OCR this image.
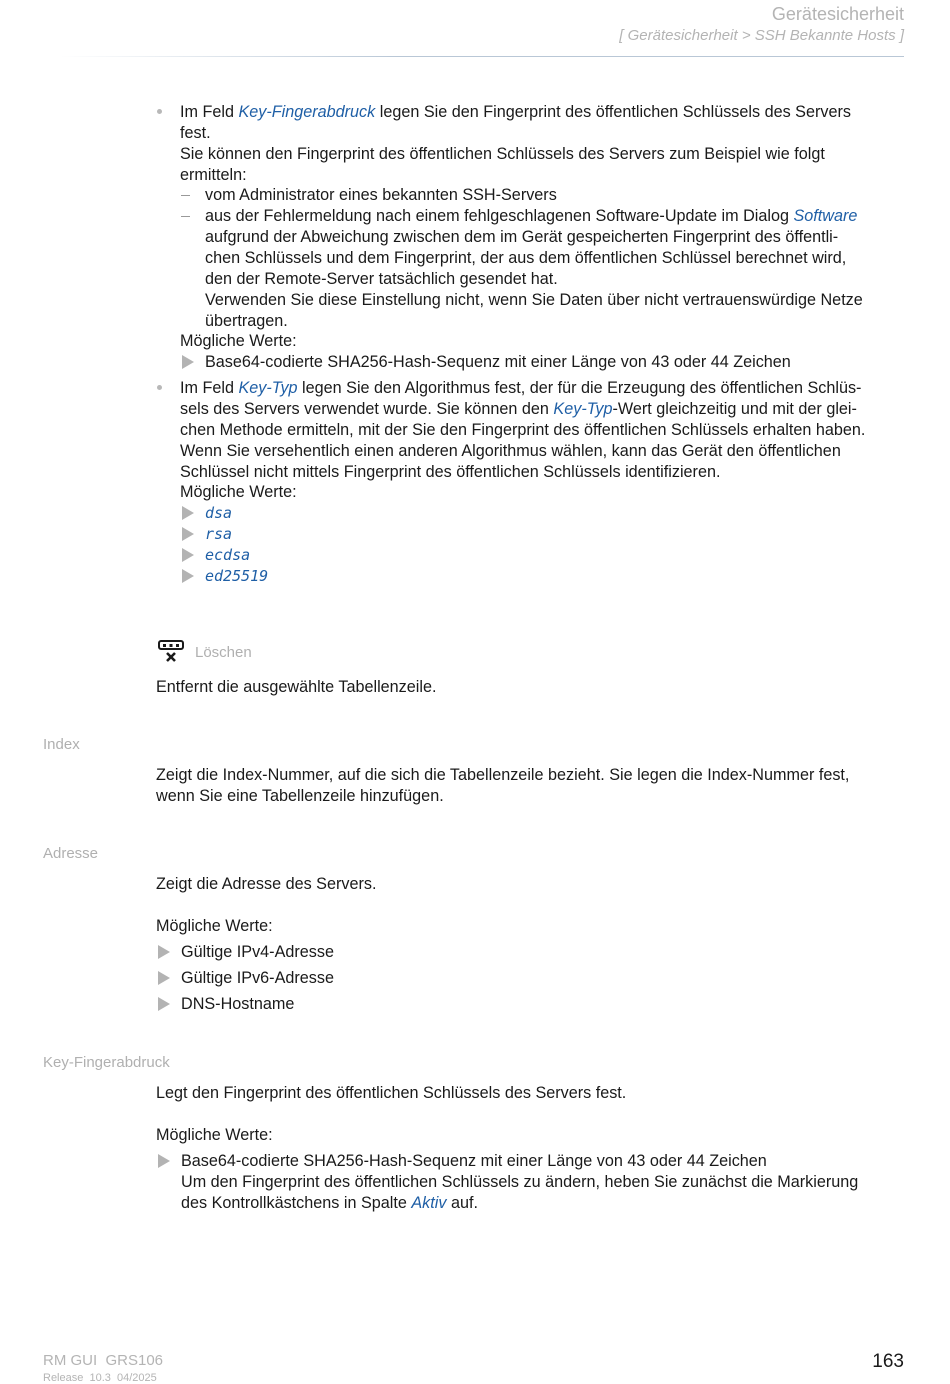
Gerätesicherheit
[ Gerätesicherheit > SSH Bekannte Hosts ]
Im Feld Key-Fingerabdruck legen Sie den Fingerprint des öffentlichen Schlüssels des Servers
fest.
Sie können den Fingerprint des öffentlichen Schlüssels des Servers zum Beispiel wie folgt
ermitteln:
vom Administrator eines bekannten SSH-Servers
aus der Fehlermeldung nach einem fehlgeschlagenen Software-Update im Dialog Software
aufgrund der Abweichung zwischen dem im Gerät gespeicherten Fingerprint des öffentli-
chen Schlüssels und dem Fingerprint, der aus dem öffentlichen Schlüssel berechnet wird,
den der Remote-Server tatsächlich gesendet hat.
Verwenden Sie diese Einstellung nicht, wenn Sie Daten über nicht vertrauenswürdige Netze
übertragen.
Mögliche Werte:
Base64-codierte SHA256-Hash-Sequenz mit einer Länge von 43 oder 44 Zeichen
Im Feld Key-Typ legen Sie den Algorithmus fest, der für die Erzeugung des öffentlichen Schlüs-
sels des Servers verwendet wurde. Sie können den Key-Typ-Wert gleichzeitig und mit der glei-
chen Methode ermitteln, mit der Sie den Fingerprint des öffentlichen Schlüssels erhalten haben.
Wenn Sie versehentlich einen anderen Algorithmus wählen, kann das Gerät den öffentlichen
Schlüssel nicht mittels Fingerprint des öffentlichen Schlüssels identifizieren.
Mögliche Werte:
dsa
rsa
ecdsa
ed25519
Löschen
Entfernt die ausgewählte Tabellenzeile.
Index
Zeigt die Index-Nummer, auf die sich die Tabellenzeile bezieht. Sie legen die Index-Nummer fest,
wenn Sie eine Tabellenzeile hinzufügen.
Adresse
Zeigt die Adresse des Servers.
Mögliche Werte:
Gültige IPv4-Adresse
Gültige IPv6-Adresse
DNS-Hostname
Key-Fingerabdruck
Legt den Fingerprint des öffentlichen Schlüssels des Servers fest.
Mögliche Werte:
Base64-codierte SHA256-Hash-Sequenz mit einer Länge von 43 oder 44 Zeichen
Um den Fingerprint des öffentlichen Schlüssels zu ändern, heben Sie zunächst die Markierung
des Kontrollkästchens in Spalte Aktiv auf.
RM GUI  GRS106
Release  10.3  04/2025
163
